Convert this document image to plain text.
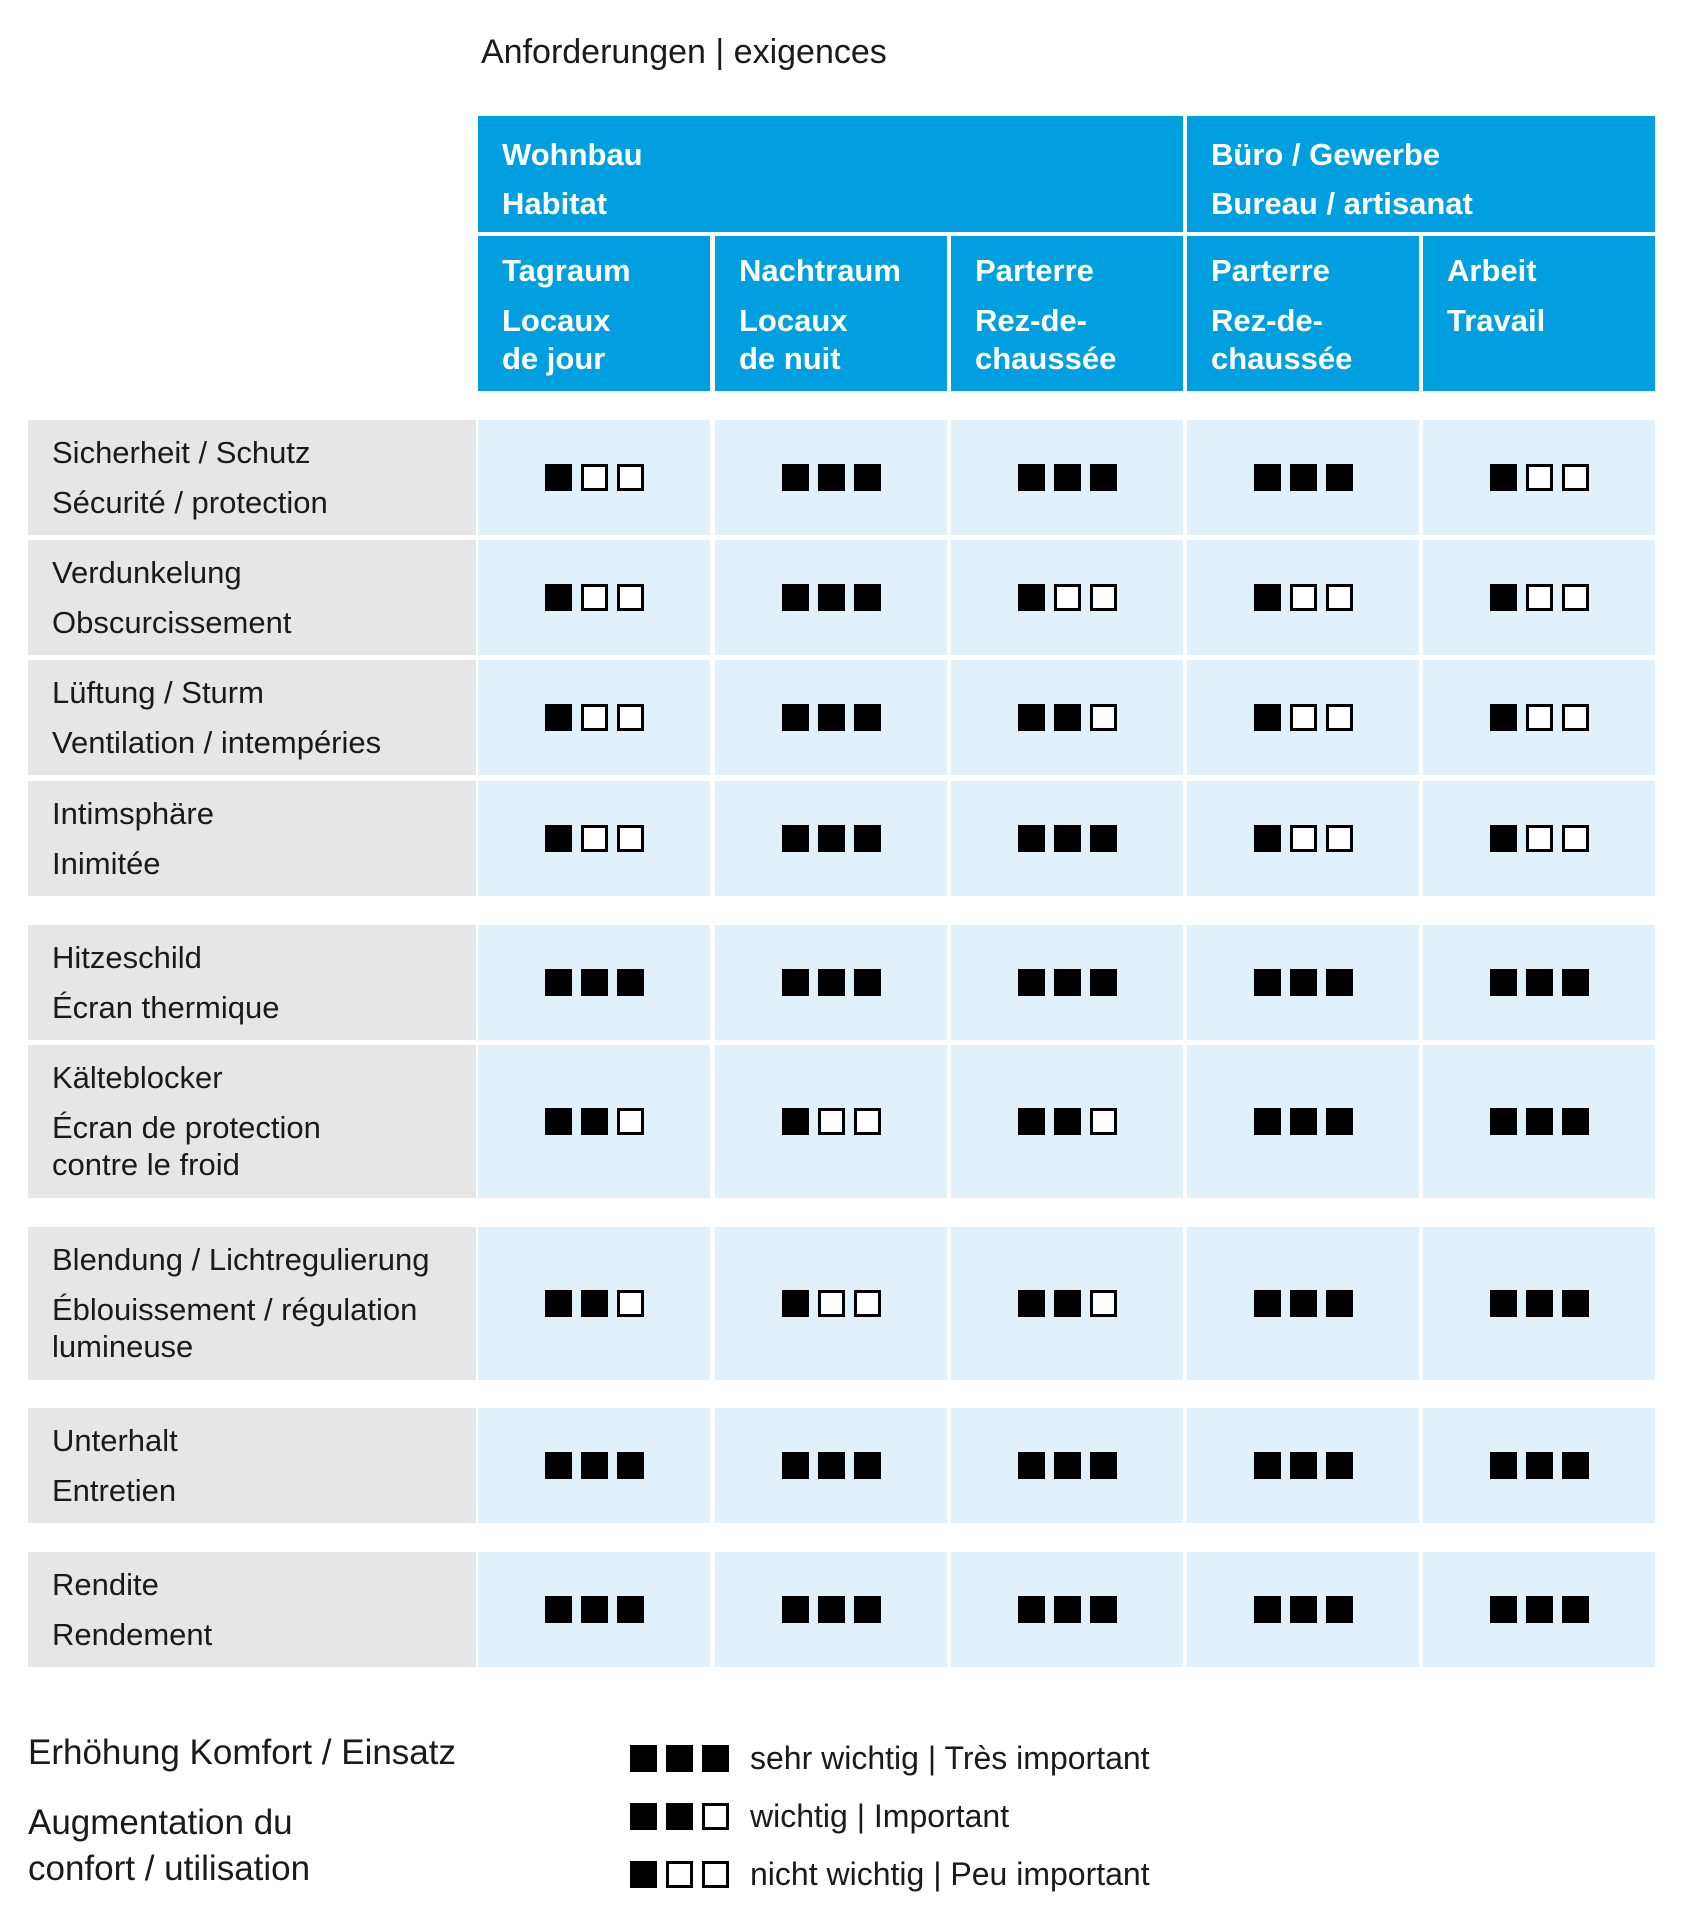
Anforderungen | exigences
Wohnbau
Habitat
Büro / Gewerbe
Bureau / artisanat
Tagraum
Locaux
de jour
Nachtraum
Locaux
de nuit
Parterre
Rez-de-
chaussée
Parterre
Rez-de-
chaussée
Arbeit
Travail
Sicherheit / Schutz
Sécurité / protection
Verdunkelung
Obscurcissement
Lüftung / Sturm
Ventilation / intempéries
Intimsphäre
Inimitée
Hitzeschild
Écran thermique
Kälteblocker
Écran de protection
contre le froid
Blendung / Lichtregulierung
Éblouissement / régulation
lumineuse
Unterhalt
Entretien
Rendite
Rendement
Erhöhung Komfort / Einsatz
Augmentation du
confort / utilisation
sehr wichtig | Très important
wichtig | Important
nicht wichtig | Peu important
